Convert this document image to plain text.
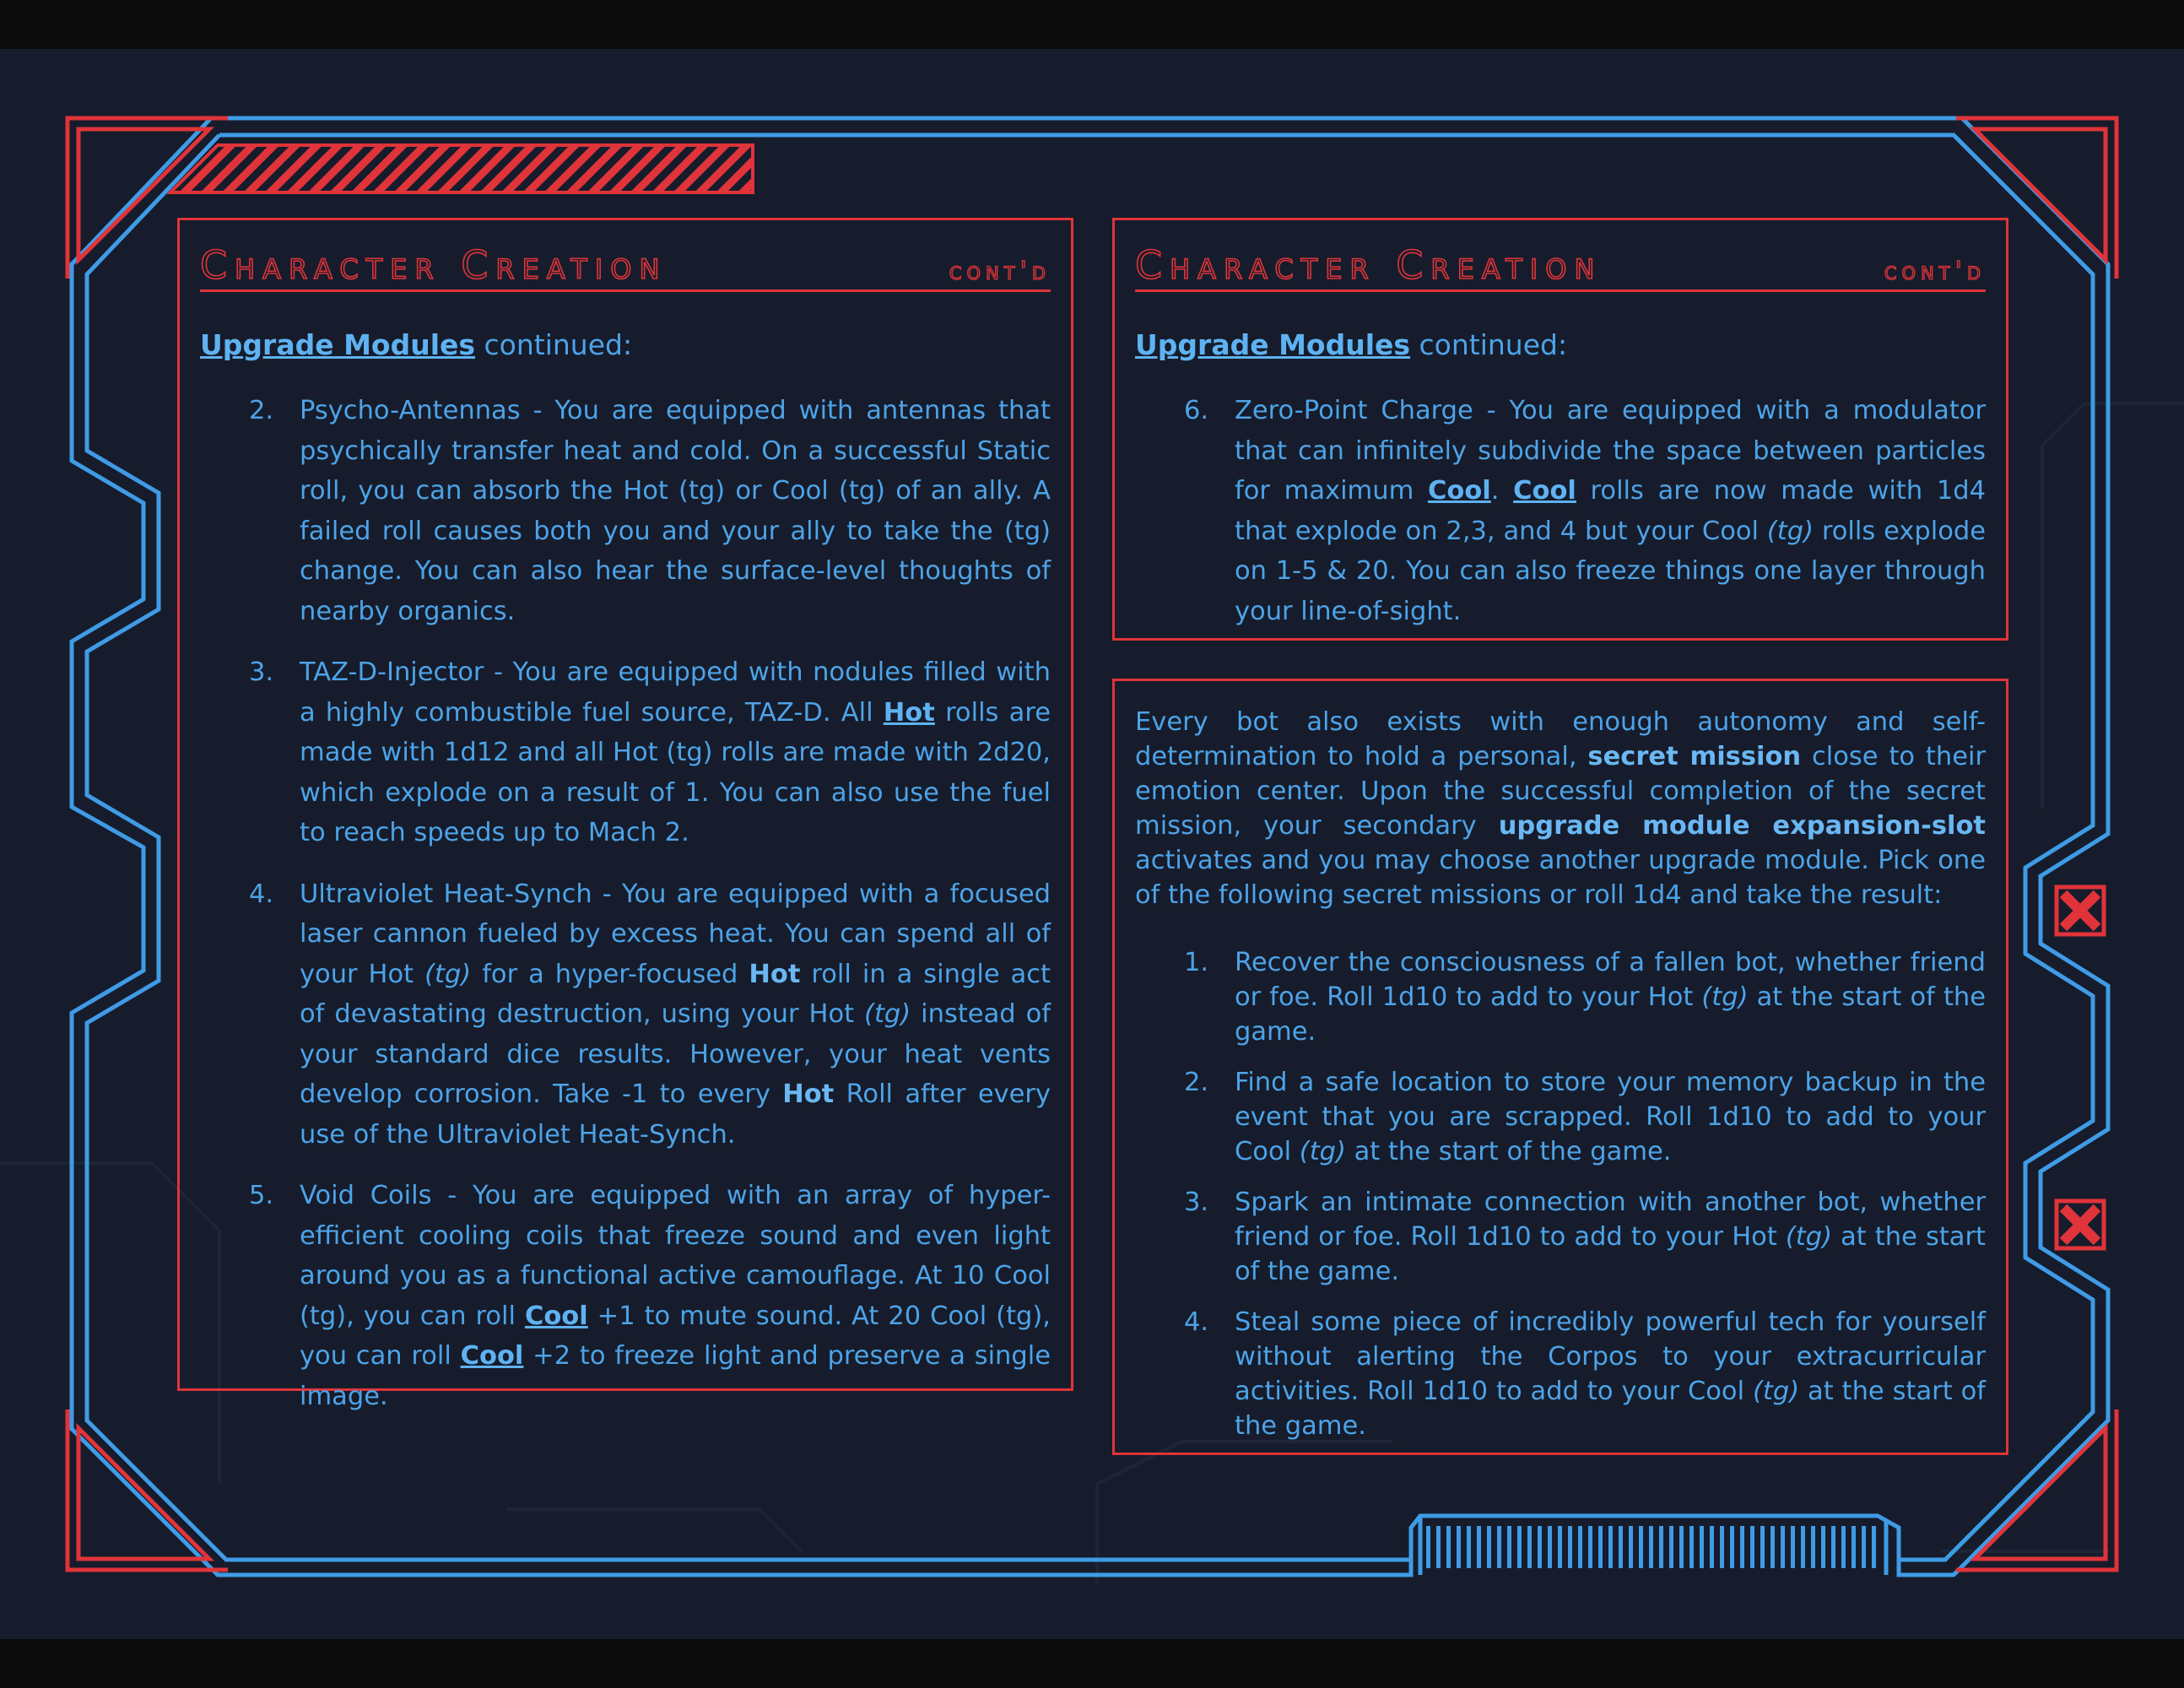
Character Creation	cont'd
Upgrade Modules continued:
2. Psycho-Antennas - You are equipped with antennas that psychically transfer heat and cold. On a successful Static roll, you can absorb the Hot (tg) or Cool (tg) of an ally. A failed roll causes both you and your ally to take the (tg) change. You can also hear the surface-level thoughts of nearby organics.
3. TAZ-D-Injector - You are equipped with nodules filled with a highly combustible fuel source, TAZ-D. All Hot rolls are made with 1d12 and all Hot (tg) rolls are made with 2d20, which explode on a result of 1. You can also use the fuel to reach speeds up to Mach 2.
4. Ultraviolet Heat-Synch - You are equipped with a focused laser cannon fueled by excess heat. You can spend all of your Hot (tg) for a hyper-focused Hot roll in a single act of devastating destruction, using your Hot (tg) instead of your standard dice results. However, your heat vents develop corrosion. Take -1 to every Hot Roll after every use of the Ultraviolet Heat-Synch.
5. Void Coils - You are equipped with an array of hyper-efficient cooling coils that freeze sound and even light around you as a functional active camouflage. At 10 Cool (tg), you can roll Cool +1 to mute sound. At 20 Cool (tg), you can roll Cool +2 to freeze light and preserve a single image.
Character Creation	cont'd
Upgrade Modules continued:
6. Zero-Point Charge - You are equipped with a modulator that can infinitely subdivide the space between particles for maximum Cool. Cool rolls are now made with 1d4 that explode on 2,3, and 4 but your Cool (tg) rolls explode on 1-5 & 20. You can also freeze things one layer through your line-of-sight.
Every bot also exists with enough autonomy and self-determination to hold a personal, secret mission close to their emotion center. Upon the successful completion of the secret mission, your secondary upgrade module expansion-slot activates and you may choose another upgrade module. Pick one of the following secret missions or roll 1d4 and take the result:
1. Recover the consciousness of a fallen bot, whether friend or foe. Roll 1d10 to add to your Hot (tg) at the start of the game.
2. Find a safe location to store your memory backup in the event that you are scrapped. Roll 1d10 to add to your Cool (tg) at the start of the game.
3. Spark an intimate connection with another bot, whether friend or foe. Roll 1d10 to add to your Hot (tg) at the start of the game.
4. Steal some piece of incredibly powerful tech for yourself without alerting the Corpos to your extracurricular activities. Roll 1d10 to add to your Cool (tg) at the start of the game.
